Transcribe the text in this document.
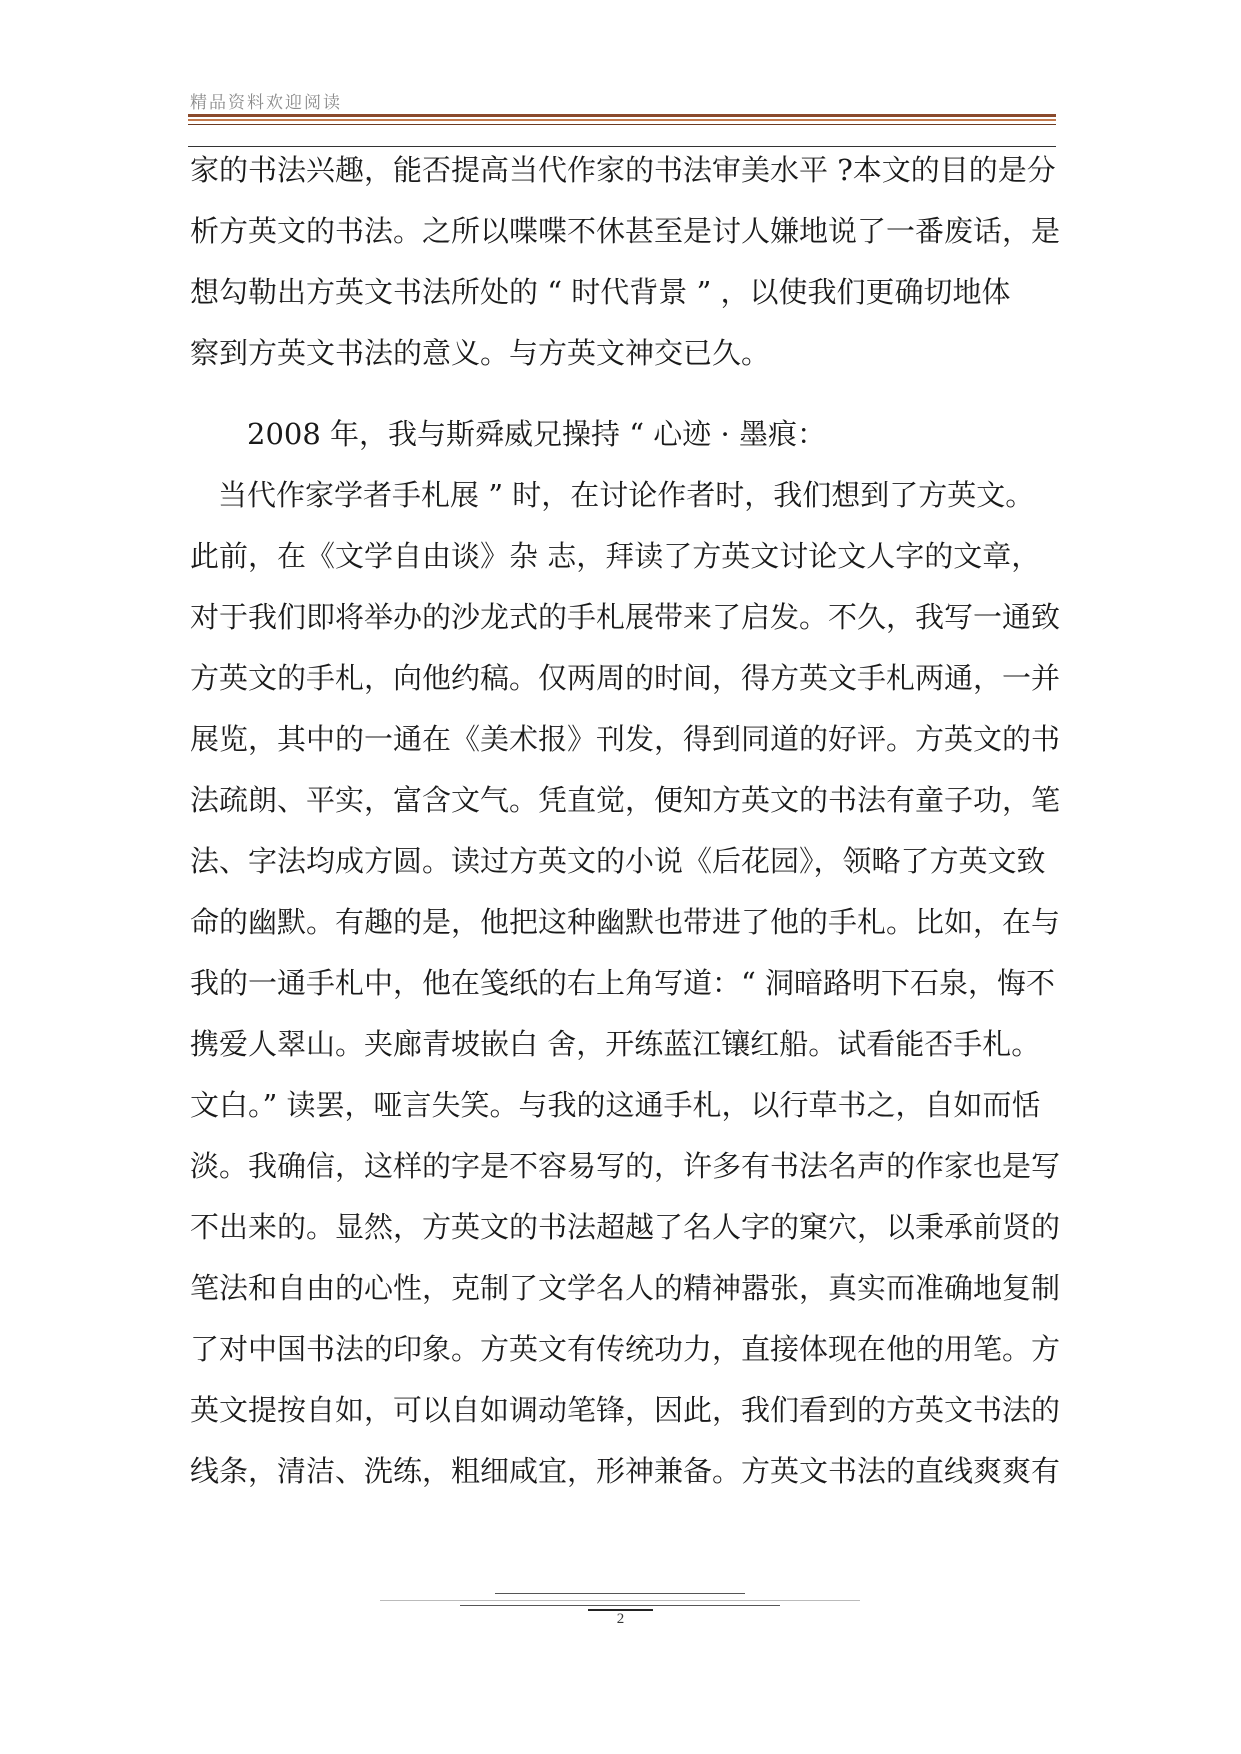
精品资料欢迎阅读
家的书法兴趣，能否提高当代作家的书法审美水平 ?本文的目的是分
析方英文的书法。之所以喋喋不休甚至是讨人嫌地说了一番废话，是
想勾勒出方英文书法所处的 “ 时代背景 ” ，以使我们更确切地体
察到方英文书法的意义。与方英文神交已久。
2008 年，我与斯舜威兄操持 “ 心迹 · 墨痕：
当代作家学者手札展 ” 时，在讨论作者时，我们想到了方英文。
此前，在《文学自由谈》杂 志，拜读了方英文讨论文人字的文章，
对于我们即将举办的沙龙式的手札展带来了启发。不久，我写一通致
方英文的手札，向他约稿。仅两周的时间，得方英文手札两通，一并
展览，其中的一通在《美术报》刊发，得到同道的好评。方英文的书
法疏朗、平实，富含文气。凭直觉，便知方英文的书法有童子功，笔
法、字法均成方圆。读过方英文的小说《后花园》，领略了方英文致
命的幽默。有趣的是，他把这种幽默也带进了他的手札。比如，在与
我的一通手札中，他在笺纸的右上角写道：“ 洞暗路明下石泉，悔不
携爱人翠山。夹廊青坡嵌白 舍，开练蓝江镶红船。试看能否手札。
文白。” 读罢，哑言失笑。与我的这通手札，以行草书之，自如而恬
淡。我确信，这样的字是不容易写的，许多有书法名声的作家也是写
不出来的。显然，方英文的书法超越了名人字的窠穴，以秉承前贤的
笔法和自由的心性，克制了文学名人的精神嚣张，真实而准确地复制
了对中国书法的印象。方英文有传统功力，直接体现在他的用笔。方
英文提按自如，可以自如调动笔锋，因此，我们看到的方英文书法的
线条，清洁、洗练，粗细咸宜，形神兼备。方英文书法的直线爽爽有
2
